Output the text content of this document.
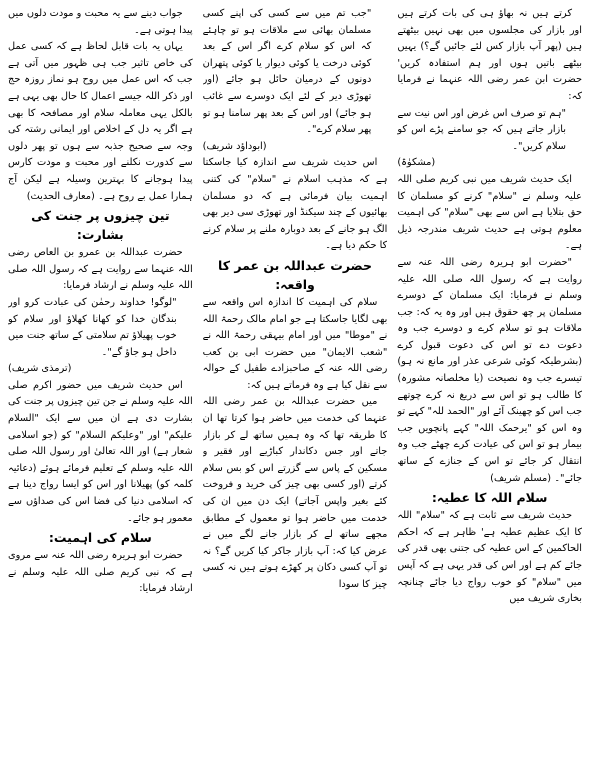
جواب دینے سے یہ محبت و مودت دلوں میں پیدا ہوتی ہے۔

یہاں یہ بات قابل لحاظ ہے کہ کسی عمل کی خاص تاثیر جب ہی ظہور میں آتی ہے جب کہ اس عمل میں روح ہو نماز روزہ حج اور ذکر اللہ جیسے اعمال کا حال بھی یہی ہے بالکل یہی معاملہ سلام اور مصافحہ کا بھی ہے اگر یہ دل کے اخلاص اور ایمانی رشتہ کی وجہ سے صحیح جذبہ سے ہوں تو پھر دلوں سے کدورت نکلنے اور محبت و مودت کارس پیدا ہوجانے کا بہترین وسیلہ ہے لیکن آج ہمارا عمل بے روح ہے۔ (معارف الحدیث)

تین چیزوں پر جنت کی بشارت:

حضرت عبداللہ بن عمرو بن العاص رضی اللہ عنہما سے روایت ہے کہ رسول اللہ صلی اللہ علیہ وسلم نے ارشاد فرمایا:

"لوگو! خداوند رحمٰن کی عبادت کرو اور بندگان خدا کو کھانا کھلاؤ اور سلام کو خوب پھیلاؤ تم سلامتی کے ساتھ جنت میں داخل ہو جاؤ گے"۔

(ترمذی شریف)

اس حدیث شریف میں حضور اکرم صلی اللہ علیہ وسلم نے جن تین چیزوں پر جنت کی بشارت دی ہے ان میں سے ایک "السلام علیکم" اور "وعلیکم السلام" کو (جو اسلامی شعار ہے) اور اللہ تعالیٰ اور رسول اللہ صلی اللہ علیہ وسلم کے تعلیم فرمائے ہوئے (دعائیہ کلمہ کو) پھیلانا اور اس کو ایسا رواج دینا ہے کہ اسلامی دنیا کی فضا اس کی صداؤں سے معمور ہو جائے۔

سلام کی اہمیت:

حضرت ابو ہریرہ رضی اللہ عنہ سے مروی ہے کہ نبی کریم صلی اللہ علیہ وسلم نے ارشاد فرمایا:

"جب تم میں سے کسی کی اپنے کسی مسلمان بھائی سے ملاقات ہو تو چاہئے کہ اس کو سلام کرے اگر اس کے بعد کوئی درخت یا کوئی دیوار یا کوئی پتھران دونوں کے درمیان حائل ہو جائے (اور تھوڑی دیر کے لئے ایک دوسرے سے غائب ہو جائے) اور اس کے بعد پھر سامنا ہو تو پھر سلام کرے"۔

(ابوداؤد شریف)

اس حدیث شریف سے اندازہ کیا جاسکتا ہے کہ مذہب اسلام نے "سلام" کی کتنی اہمیت بیان فرمائی ہے کہ دو مسلمان بھائیوں کے چند سیکنڈ اور تھوڑی سی دیر بھی الگ ہو جانے کے بعد دوبارہ ملنے پر سلام کرنے کا حکم دیا ہے۔

حضرت عبداللہ بن عمر کا واقعہ:

سلام کی اہمیت کا اندازہ اس واقعہ سے بھی لگایا جاسکتا ہے جو امام مالک رحمۃ اللہ نے "موطا" میں اور امام بیہقی رحمۃ اللہ نے "شعب الایمان" میں حضرت ابی بن کعب رضی اللہ عنہ کے صاحبزادے طفیل کے حوالہ سے نقل کیا ہے وہ فرماتے ہیں کہ:

میں حضرت عبداللہ بن عمر رضی اللہ عنہما کی خدمت میں حاضر ہوا کرتا تھا ان کا طریقہ تھا کہ وہ ہمیں ساتھ لے کر بازار جاتے اور جس دکاندار کباڑیے اور فقیر و مسکین کے پاس سے گزرتے اس کو بس سلام کرتے (اور کسی بھی چیز کی خرید و فروخت کئے بغیر واپس آجاتے) ایک دن میں ان کی خدمت میں حاضر ہوا تو معمول کے مطابق مجھے ساتھ لے کر بازار جانے لگے میں نے عرض کیا کہ: آپ بازار جاکر کیا کریں گے؟ نہ تو آپ کسی دکان پر کھڑے ہوتے ہیں نہ کسی چیز کا سودا

کرتے ہیں نہ بھاؤ ہی کی بات کرتے ہیں اور بازار کی مجلسوں میں بھی نہیں بیٹھتے ہیں (پھر آپ بازار کس لئے جائیں گے؟) یہیں بیٹھے باتیں ہوں اور ہم استفادہ کریں' حضرت ابن عمر رضی اللہ عنہما نے فرمایا کہ:

"ہم تو صرف اس غرض اور اس نیت سے بازار جاتے ہیں کہ جو سامنے پڑے اس کو سلام کریں"۔

(مشکوٰۃ)

ایک حدیث شریف میں نبی کریم صلی اللہ علیہ وسلم نے "سلام" کرنے کو مسلمان کا حق بتلایا ہے اس سے بھی "سلام" کی اہمیت معلوم ہوتی ہے حدیث شریف مندرجہ ذیل ہے۔

"حضرت ابو ہریرہ رضی اللہ عنہ سے روایت ہے کہ رسول اللہ صلی اللہ علیہ وسلم نے فرمایا: ایک مسلمان کے دوسرے مسلمان پر چھ حقوق ہیں اور وہ یہ کہ: جب ملاقات ہو تو سلام کرے و دوسرے جب وہ دعوت دے تو اس کی دعوت قبول کرے (بشرطیکہ کوئی شرعی عذر اور مانع نہ ہو) تیسرے جب وہ نصیحت (یا مخلصانہ مشورہ) کا طالب ہو تو اس سے دریغ نہ کرے چوتھے جب اس کو چھینک آئے اور "الحمد للہ" کہے تو وہ اس کو "یرحمک اللہ" کہے پانچویں جب بیمار ہو تو اس کی عیادت کرے چھٹے جب وہ انتقال کر جائے تو اس کے جنازے کے ساتھ جائے"۔ (مسلم شریف)

سلام اللہ کا عطیہ:

حدیث شریف سے ثابت ہے کہ "سلام" اللہ کا ایک عظیم عطیہ ہے' ظاہر ہے کہ احکم الحاکمین کے اس عطیہ کی جتنی بھی قدر کی جائے کم ہے اور اس کی قدر یہی ہے کہ آپس میں "سلام" کو خوب رواج دیا جائے چنانچہ بخاری شریف میں
